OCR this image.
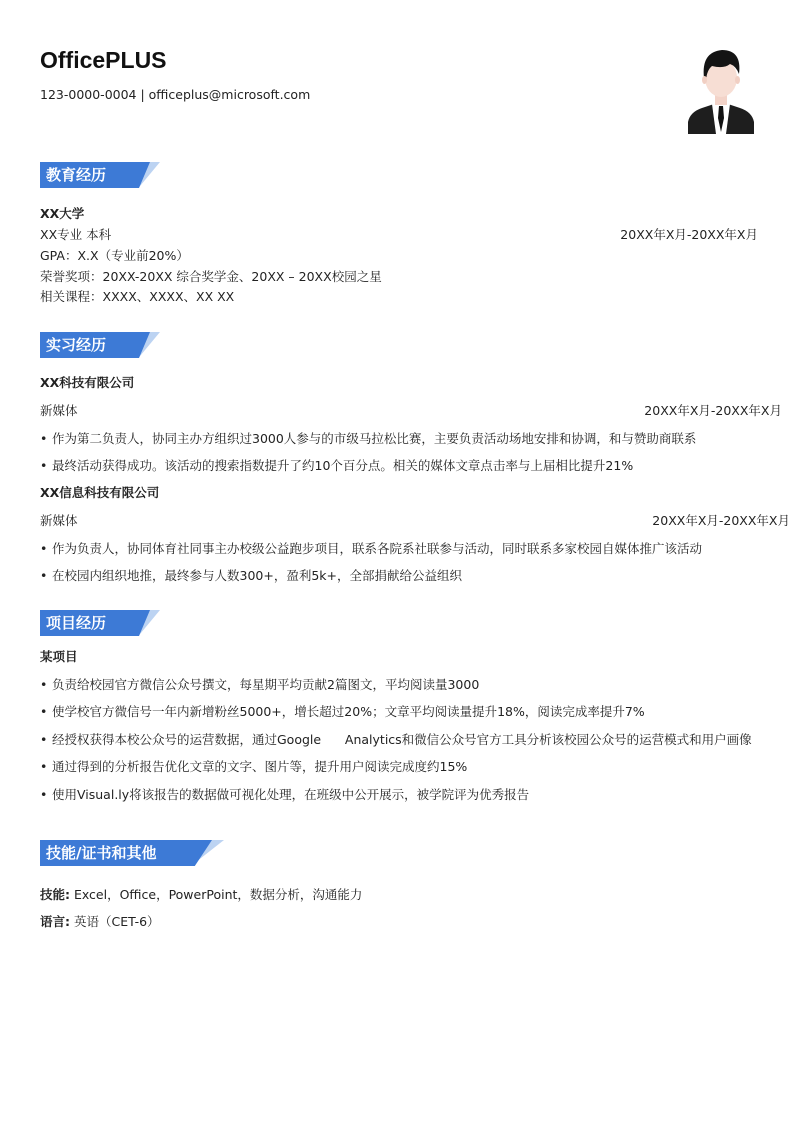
OfficePLUS
123-0000-0004 | officeplus@microsoft.com
教育经历
XX大学
XX专业 本科	20XX年X月-20XX年X月
GPA：X.X（专业前20%）
荣誉奖项：20XX-20XX 综合奖学金、20XX – 20XX校园之星
相关课程：XXXX、XXXX、XX XX
实习经历
XX科技有限公司
新媒体	20XX年X月-20XX年X月
• 作为第二负责人，协同主办方组织过3000人参与的市级马拉松比赛，主要负责活动场地安排和协调，和与赞助商联系
• 最终活动获得成功。该活动的搜索指数提升了约10个百分点。相关的媒体文章点击率与上届相比提升21%
XX信息科技有限公司
新媒体	20XX年X月-20XX年X月
• 作为负责人，协同体育社同事主办校级公益跑步项目，联系各院系社联参与活动，同时联系多家校园自媒体推广该活动
• 在校园内组织地推，最终参与人数300+，盈利5k+，全部捐献给公益组织
项目经历
某项目
• 负责给校园官方微信公众号撰文，每星期平均贡献2篇图文，平均阅读量3000
• 使学校官方微信号一年内新增粉丝5000+，增长超过20%；文章平均阅读量提升18%，阅读完成率提升7%
• 经授权获得本校公众号的运营数据，通过Google      Analytics和微信公众号官方工具分析该校园公众号的运营模式和用户画像
• 通过得到的分析报告优化文章的文字、图片等，提升用户阅读完成度约15%
• 使用Visual.ly将该报告的数据做可视化处理，在班级中公开展示，被学院评为优秀报告
技能/证书和其他
技能: Excel，Office，PowerPoint，数据分析，沟通能力
语言: 英语（CET-6）
